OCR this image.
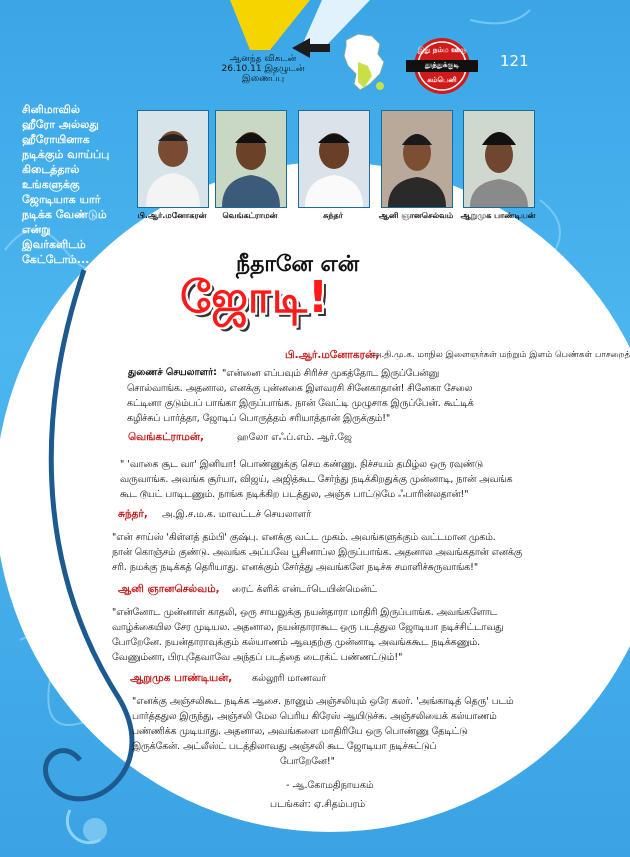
ஆனந்த விகடன்
26.10.11 இதழுடன்
இணைப்பு
இது நம்ம ஊரு
தூத்துக்குடி
கம்பெனி
121
சினிமாவில்
ஹீரோ அல்லது
ஹீரோயினாக
நடிக்கும் வாய்ப்பு
கிடைத்தால்
உங்களுக்கு
ஜோடியாக யார்
நடிக்க வேண்டும்
என்று
இவர்களிடம்
கேட்டோம்...
பி.ஆர்.மனோகரன்	வெங்கட்ராமன்	சுந்தர்	ஆனி ஞானசெல்வம் ஆறுமுக பாண்டியன்
நீதானே என்
ஜோடி!
பி.ஆர்.மனோகரன்,
அ.தி.மு.க. மாநில இளைஞர்கள் மற்றும் இளம் பெண்கள் பாசறைத்
துணைச் செயலாளர்: "என்னை எப்பவும் சிரிச்ச முகத்தோட இருப்பேன்னு
சொல்வாங்க. அதனால, எனக்கு புன்னகை இளவரசி சினேகாதான்! சினேகா சேலை
கட்டினா குடும்பப் பாங்கா இருப்பாங்க. நான் வேட்டி முழுசாக இருப்பேன். கூட்டிக்
கழிச்சுப் பார்த்தா, ஜோடிப் பொருத்தம் சரியாத்தான் இருக்கும்!"
வெங்கட்ராமன்,	ஹலோ எஃப்.எம். ஆர்.ஜே
" 'வாகை சூட வா' இனியா! பொண்ணுக்கு செம கண்ணு. நிச்சயம் தமிழ்ல ஒரு ரவுண்டு
வருவாங்க. அவங்க சூர்யா, விஜய், அஜித்கூட சேர்ந்து நடிக்கிறதுக்கு முன்னாடி, நான் அவங்க
கூட டூயட் பாடிடணும். நாங்க நடிக்கிற படத்துல, அஞ்சு பாட்டுமே ஃபாரின்லதான்!"
சுந்தர், அ.இ.ச.ம.க. மாவட்டச் செயலாளர்
"என் சாய்ஸ் 'கிள்ளத் தம்பி' குஷ்பு. எனக்கு வட்ட முகம். அவங்களுக்கும் வட்டமான முகம்.
நான் கொஞ்சம் குண்டு. அவங்க அப்பவே பூசினாப்ல இருப்பாங்க. அதனால அவங்கதான் எனக்கு
சரி. நமக்கு நடிக்கத் தெரியாது. எனக்கும் சேர்த்து அவங்களே நடிச்சு சமாளிச்சுருவாங்க!"
ஆனி ஞானசெல்வம், ரைட் க்ளிக் என்டர்டெயின்மென்ட்
"என்னோட முன்னாள் காதலி, ஒரு சாயலுக்கு நயன்தாரா மாதிரி இருப்பாங்க. அவங்களோட
வாழ்க்கையில சேர முடியல. அதனால, நயன்தாராகூட ஒரு படத்துல ஜோடியா நடிச்சிட்டாவது
போறேனே. நயன்தாராவுக்கும் கல்யாணம் ஆவதற்கு முன்னாடி அவங்ககூட நடிக்கணும்.
வேணும்னா, பிரபுதேவாவே அந்தப் படத்தை டைரக்ட் பண்ணட்டும்!"
ஆறுமுக பாண்டியன், கல்லூரி மாணவர்
"எனக்கு அஞ்சலிகூட நடிக்க ஆசை. நானும் அஞ்சலியும் ஒரே கலர். 'அங்காடித் தெரு' படம்
பார்த்ததுல இருந்து, அஞ்சலி மேல பெரிய கிரேஸ் ஆயிடுச்சு. அஞ்சலியைக் கல்யாணம்
பண்ணிக்க முடியாது. அதனால, அவங்களை மாதிரியே ஒரு பொண்ணு தேடிட்டு
இருக்கேன். அட்லீஸ்ட் படத்திலாவது அஞ்சலி கூட ஜோடியா நடிச்சுட்டுப்
போறேனே!"
- ஆ.கோமதிநாயகம்
படங்கள்: ஏ.சிதம்பரம்
